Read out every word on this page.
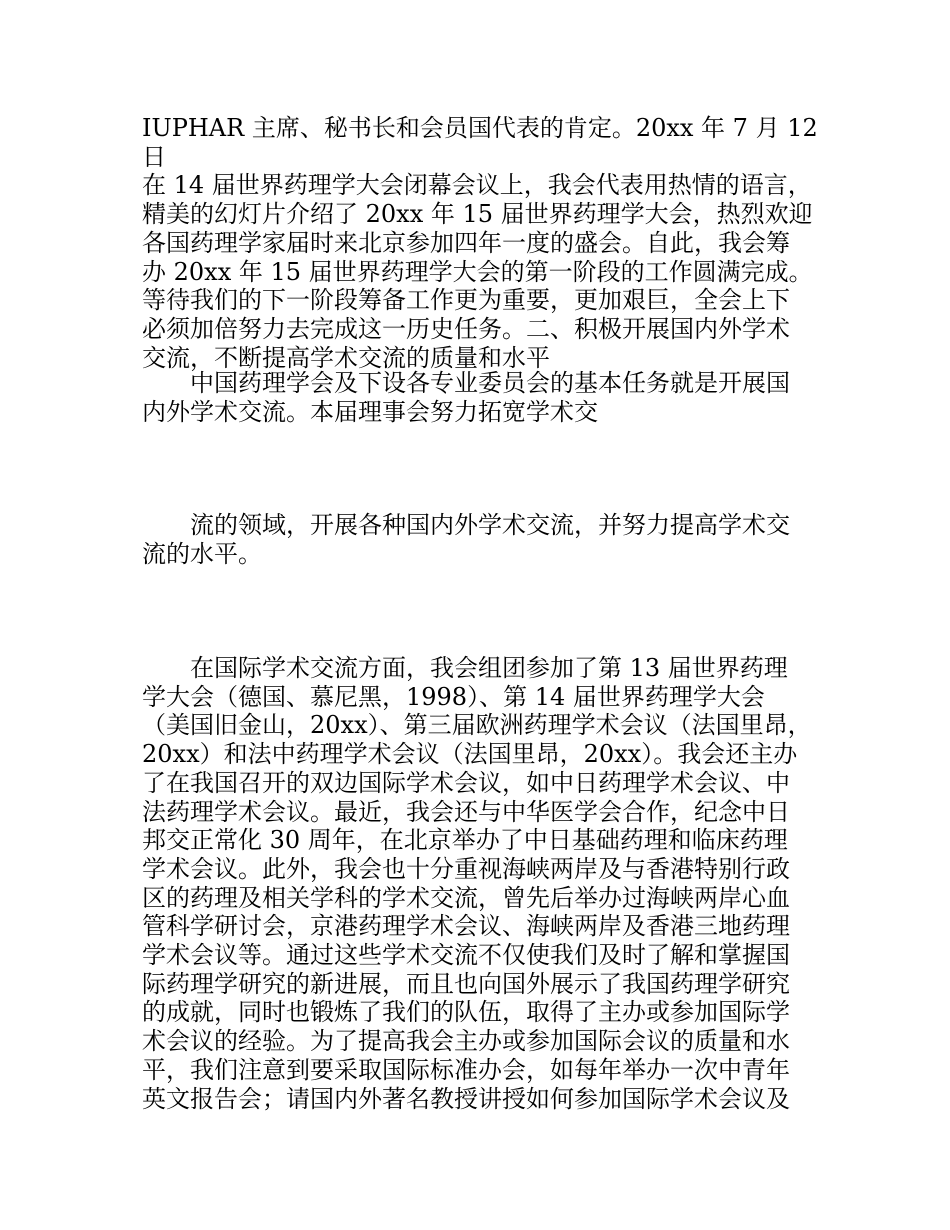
IUPHAR 主席、秘书长和会员国代表的肯定。20xx 年 7 月 12 日
在 14 届世界药理学大会闭幕会议上，我会代表用热情的语言，
精美的幻灯片介绍了 20xx 年 15 届世界药理学大会，热烈欢迎
各国药理学家届时来北京参加四年一度的盛会。自此，我会筹
办 20xx 年 15 届世界药理学大会的第一阶段的工作圆满完成。
等待我们的下一阶段筹备工作更为重要，更加艰巨，全会上下
必须加倍努力去完成这一历史任务。二、积极开展国内外学术
交流，不断提高学术交流的质量和水平

中国药理学会及下设各专业委员会的基本任务就是开展国
内外学术交流。本届理事会努力拓宽学术交

流的领域，开展各种国内外学术交流，并努力提高学术交
流的水平。

在国际学术交流方面，我会组团参加了第 13 届世界药理
学大会（德国、慕尼黑，1998）、第 14 届世界药理学大会
（美国旧金山，20xx）、第三届欧洲药理学术会议（法国里昂，
20xx）和法中药理学术会议（法国里昂，20xx）。我会还主办
了在我国召开的双边国际学术会议，如中日药理学术会议、中
法药理学术会议。最近，我会还与中华医学会合作，纪念中日
邦交正常化 30 周年，在北京举办了中日基础药理和临床药理
学术会议。此外，我会也十分重视海峡两岸及与香港特别行政
区的药理及相关学科的学术交流，曾先后举办过海峡两岸心血
管科学研讨会，京港药理学术会议、海峡两岸及香港三地药理
学术会议等。通过这些学术交流不仅使我们及时了解和掌握国
际药理学研究的新进展，而且也向国外展示了我国药理学研究
的成就，同时也锻炼了我们的队伍，取得了主办或参加国际学
术会议的经验。为了提高我会主办或参加国际会议的质量和水
平，我们注意到要采取国际标准办会，如每年举办一次中青年
英文报告会；请国内外著名教授讲授如何参加国际学术会议及
